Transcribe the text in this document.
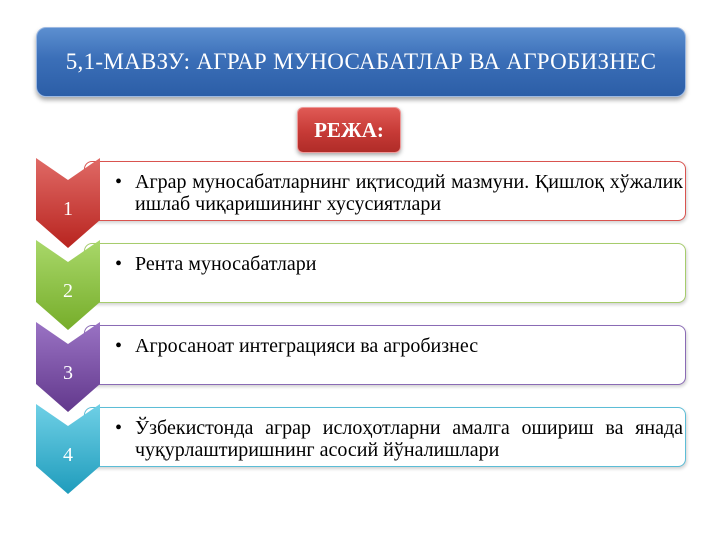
5,1-МАВЗУ: АГРАР МУНОСАБАТЛАР ВА АГРОБИЗНЕС
РЕЖА:
• Аграр муносабатларнинг иқтисодий мазмуни. Қишлоқ хўжалик ишлаб чиқаришининг хусусиятлари
1
• Рента муносабатлари
2
• Агросаноат интеграцияси ва агробизнес
3
• Ўзбекистонда аграр ислоҳотларни амалга ошириш ва янада чуқурлаштиришнинг асосий йўналишлари
4
